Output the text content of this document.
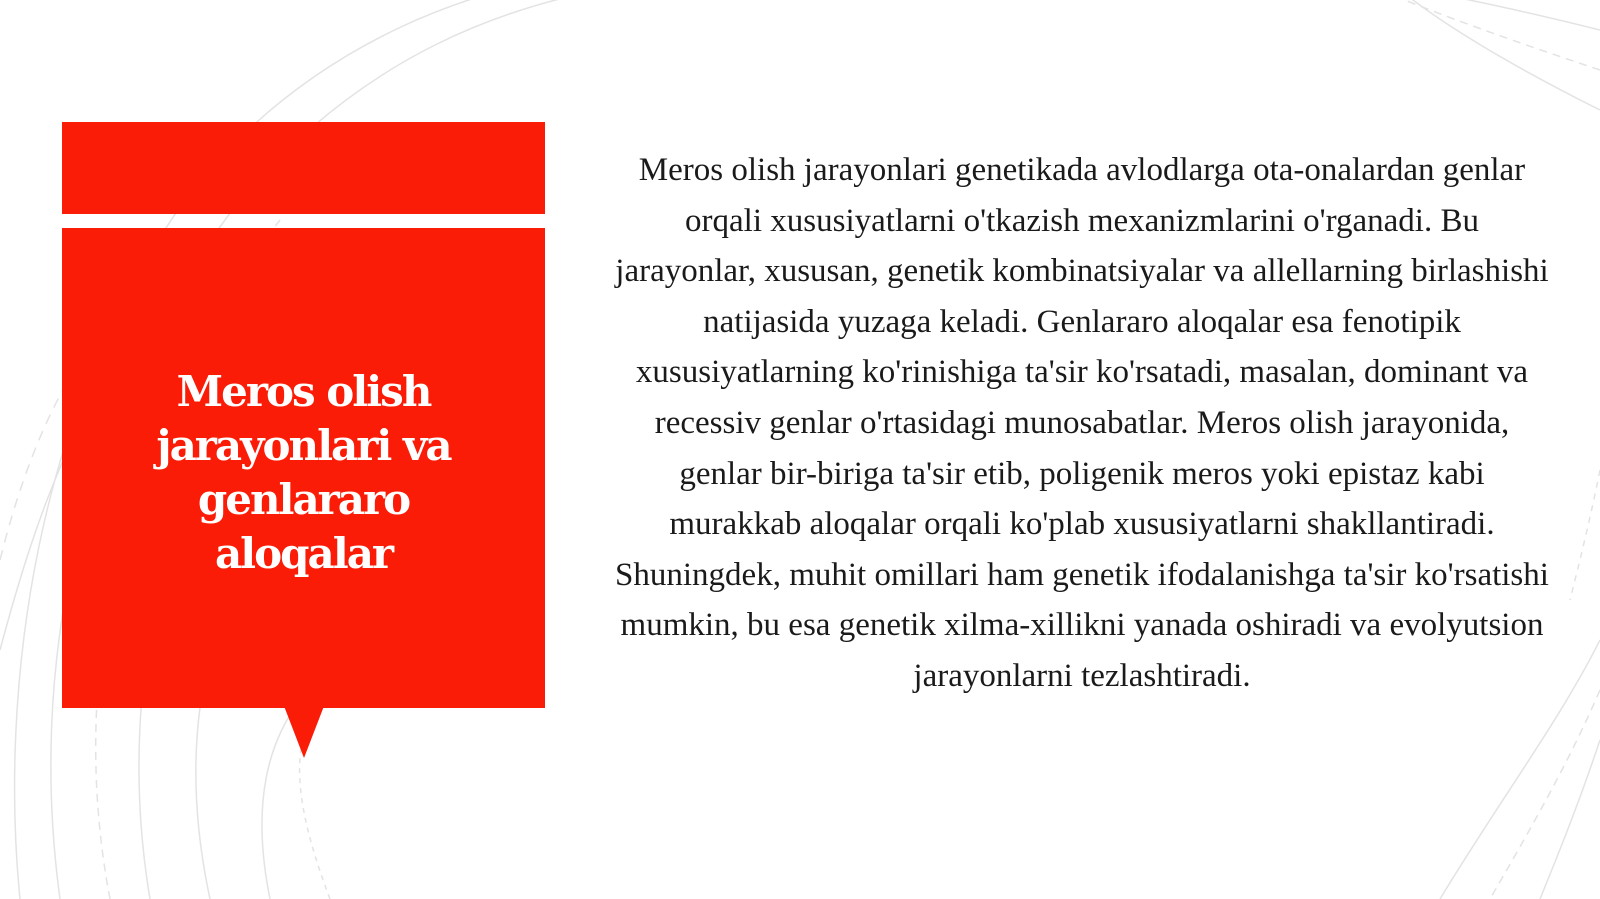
Meros olish jarayonlari va genlararo aloqalar

Meros olish jarayonlari genetikada avlodlarga ota-onalardan genlar orqali xususiyatlarni o'tkazish mexanizmlarini o'rganadi. Bu jarayonlar, xususan, genetik kombinatsiyalar va allellarning birlashishi natijasida yuzaga keladi. Genlararo aloqalar esa fenotipik xususiyatlarning ko'rinishiga ta'sir ko'rsatadi, masalan, dominant va recessiv genlar o'rtasidagi munosabatlar. Meros olish jarayonida, genlar bir-biriga ta'sir etib, poligenik meros yoki epistaz kabi murakkab aloqalar orqali ko'plab xususiyatlarni shakllantiradi. Shuningdek, muhit omillari ham genetik ifodalanishga ta'sir ko'rsatishi mumkin, bu esa genetik xilma-xillikni yanada oshiradi va evolyutsion jarayonlarni tezlashtiradi.
